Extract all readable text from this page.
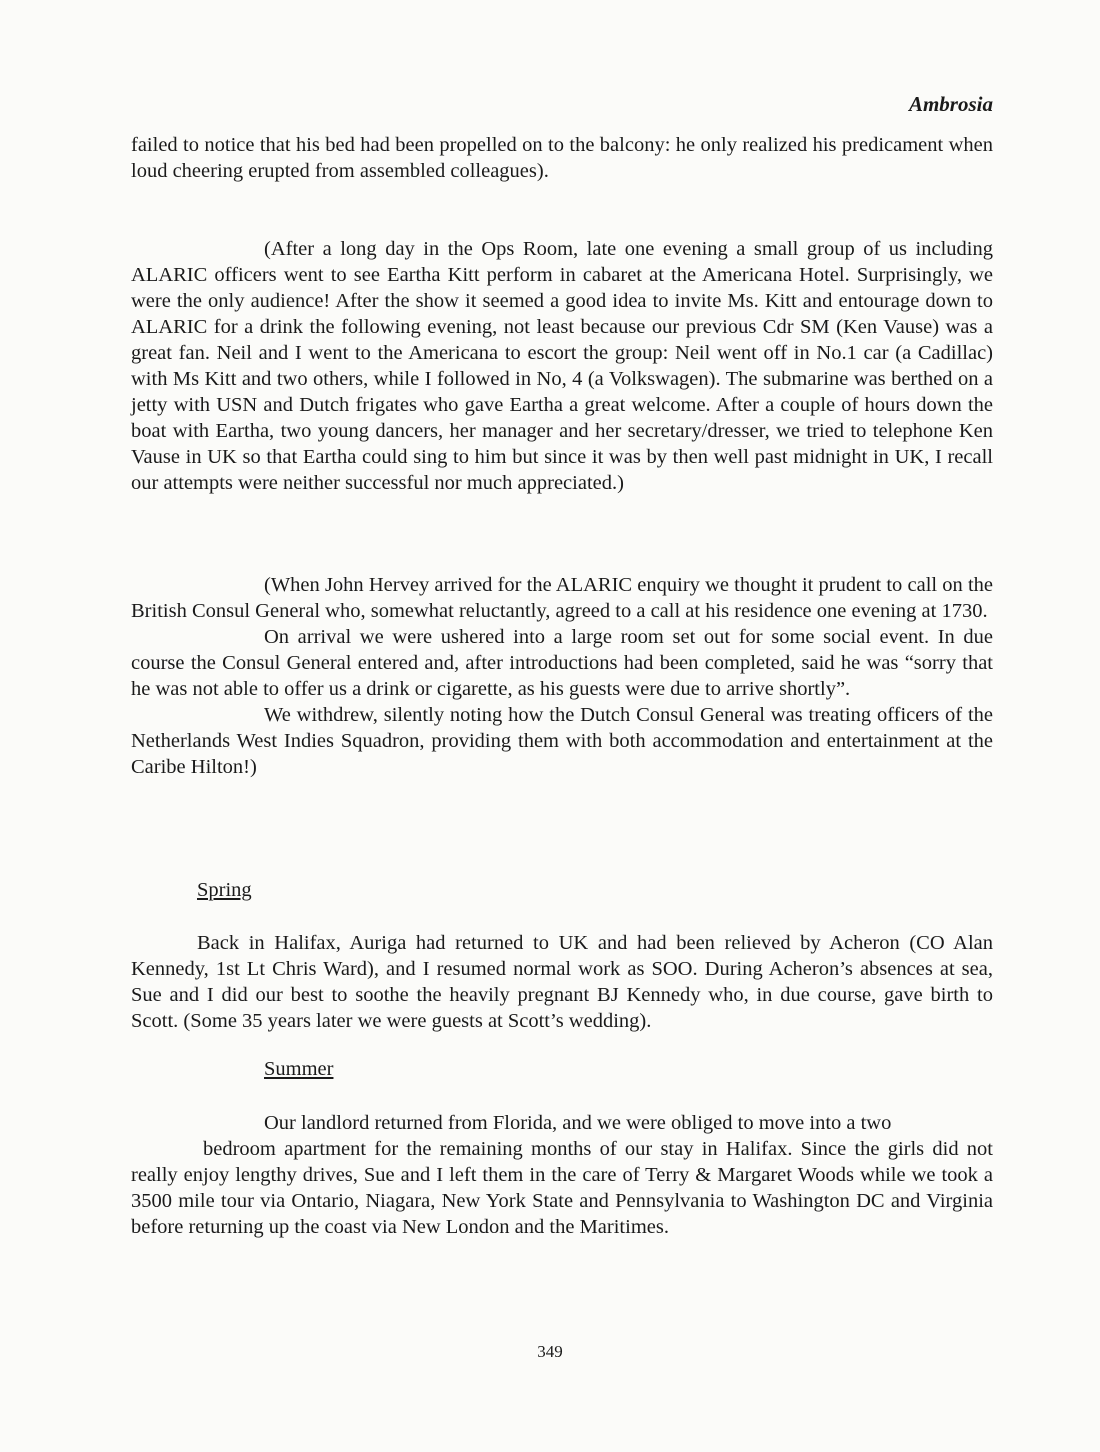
Ambrosia

failed to notice that his bed had been propelled on to the balcony: he only realized his predicament when loud cheering erupted from assembled colleagues).

(After a long day in the Ops Room, late one evening a small group of us including ALARIC officers went to see Eartha Kitt perform in cabaret at the Americana Hotel. Surprisingly, we were the only audience! After the show it seemed a good idea to invite Ms. Kitt and entourage down to ALARIC for a drink the following evening, not least because our previous Cdr SM (Ken Vause) was a great fan. Neil and I went to the Americana to escort the group: Neil went off in No.1 car (a Cadillac) with Ms Kitt and two others, while I followed in No, 4 (a Volkswagen). The submarine was berthed on a jetty with USN and Dutch frigates who gave Eartha a great welcome. After a couple of hours down the boat with Eartha, two young dancers, her manager and her secretary/dresser, we tried to telephone Ken Vause in UK so that Eartha could sing to him but since it was by then well past midnight in UK, I recall our attempts were neither successful nor much appreciated.)

(When John Hervey arrived for the ALARIC enquiry we thought it prudent to call on the British Consul General who, somewhat reluctantly, agreed to a call at his residence one evening at 1730.

On arrival we were ushered into a large room set out for some social event. In due course the Consul General entered and, after introductions had been completed, said he was “sorry that he was not able to offer us a drink or cigarette, as his guests were due to arrive shortly”.

We withdrew, silently noting how the Dutch Consul General was treating officers of the Netherlands West Indies Squadron, providing them with both accommodation and entertainment at the Caribe Hilton!)

Spring

Back in Halifax, Auriga had returned to UK and had been relieved by Acheron (CO Alan Kennedy, 1st Lt Chris Ward), and I resumed normal work as SOO. During Acheron’s absences at sea, Sue and I did our best to soothe the heavily pregnant BJ Kennedy who, in due course, gave birth to Scott. (Some 35 years later we were guests at Scott’s wedding).

Summer

Our landlord returned from Florida, and we were obliged to move into a two

bedroom apartment for the remaining months of our stay in Halifax. Since the girls did not really enjoy lengthy drives, Sue and I left them in the care of Terry & Margaret Woods while we took a 3500 mile tour via Ontario, Niagara, New York State and Pennsylvania to Washington DC and Virginia before returning up the coast via New London and the Maritimes.

349
